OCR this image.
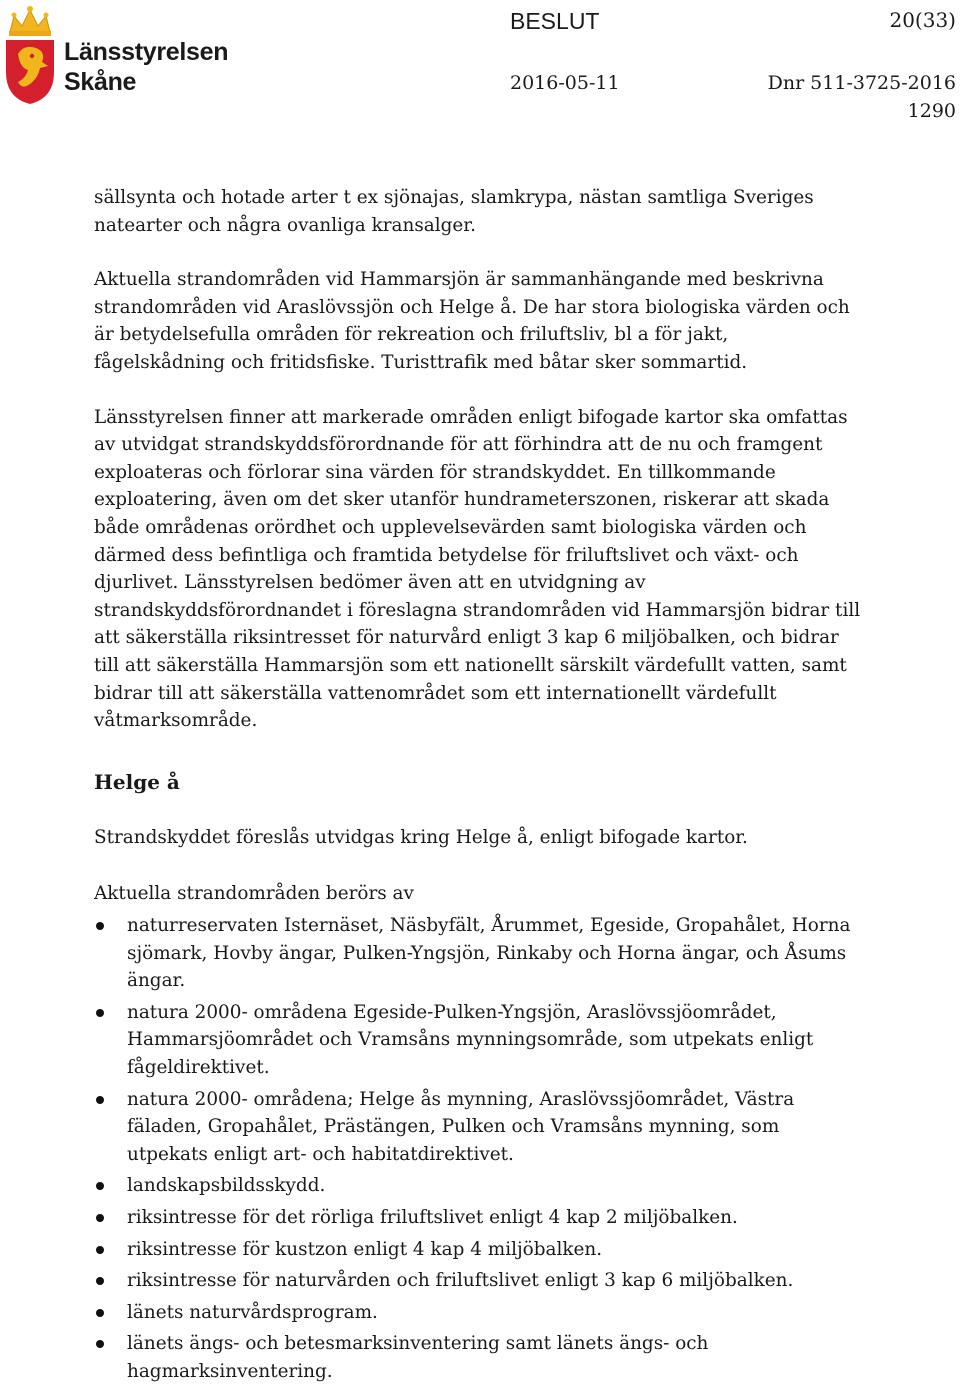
Länsstyrelsen
Skåne
BESLUT	20(33)
2016-05-11	Dnr 511-3725-2016
1290

sällsynta och hotade arter t ex sjönajas, slamkrypa, nästan samtliga Sveriges natearter och några ovanliga kransalger.

Aktuella strandområden vid Hammarsjön är sammanhängande med beskrivna strandområden vid Araslövssjön och Helge å. De har stora biologiska värden och är betydelsefulla områden för rekreation och friluftsliv, bl a för jakt, fågelskådning och fritidsfiske. Turisttrafik med båtar sker sommartid.

Länsstyrelsen finner att markerade områden enligt bifogade kartor ska omfattas av utvidgat strandskyddsförordnande för att förhindra att de nu och framgent exploateras och förlorar sina värden för strandskyddet. En tillkommande exploatering, även om det sker utanför hundrameterszonen, riskerar att skada både områdenas orördhet och upplevelsevärden samt biologiska värden och därmed dess befintliga och framtida betydelse för friluftslivet och växt- och djurlivet. Länsstyrelsen bedömer även att en utvidgning av strandskyddsförordnandet i föreslagna strandområden vid Hammarsjön bidrar till att säkerställa riksintresset för naturvård enligt 3 kap 6 miljöbalken, och bidrar till att säkerställa Hammarsjön som ett nationellt särskilt värdefullt vatten, samt bidrar till att säkerställa vattenområdet som ett internationellt värdefullt våtmarksområde.

Helge å

Strandskyddet föreslås utvidgas kring Helge å, enligt bifogade kartor.

Aktuella strandområden berörs av

naturreservaten Isternäset, Näsbyfält, Årummet, Egeside, Gropahålet, Horna sjömark, Hovby ängar, Pulken-Yngsjön, Rinkaby och Horna ängar, och Åsums ängar.
natura 2000- områdena Egeside-Pulken-Yngsjön, Araslövssjöområdet, Hammarsjöområdet och Vramsåns mynningsområde, som utpekats enligt fågeldirektivet.
natura 2000- områdena; Helge ås mynning, Araslövssjöområdet, Västra fäladen, Gropahålet, Prästängen, Pulken och Vramsåns mynning, som utpekats enligt art- och habitatdirektivet.
landskapsbildsskydd.
riksintresse för det rörliga friluftslivet enligt 4 kap 2 miljöbalken.
riksintresse för kustzon enligt 4 kap 4 miljöbalken.
riksintresse för naturvården och friluftslivet enligt 3 kap 6 miljöbalken.
länets naturvårdsprogram.
länets ängs- och betesmarksinventering samt länets ängs- och hagmarksinventering.
